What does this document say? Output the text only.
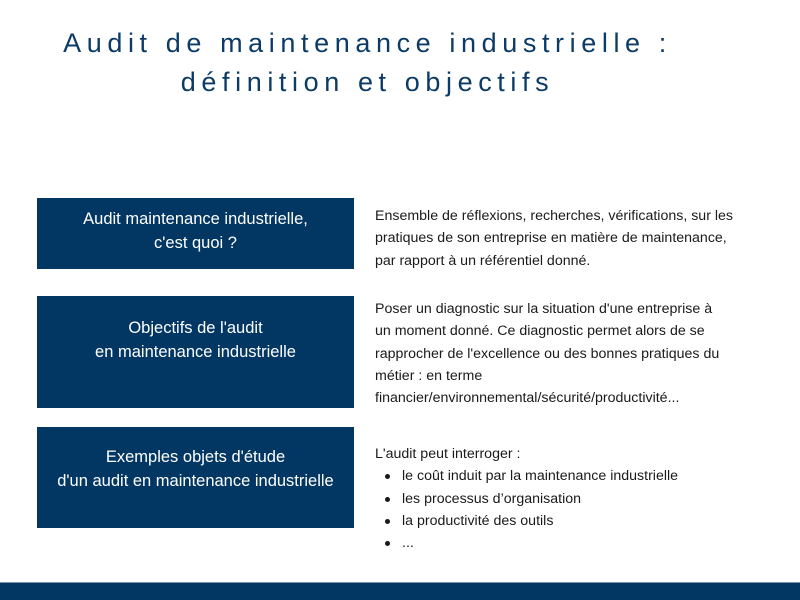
Audit de maintenance industrielle :
définition et objectifs
Audit maintenance industrielle,
c'est quoi ?
Ensemble de réflexions, recherches, vérifications, sur les
pratiques de son entreprise en matière de maintenance,
par rapport à un référentiel donné.
Objectifs de l'audit
en maintenance industrielle
Poser un diagnostic sur la situation d'une entreprise à
un moment donné. Ce diagnostic permet alors de se
rapprocher de l'excellence ou des bonnes pratiques du
métier : en terme
financier/environnemental/sécurité/productivité...
Exemples objets d'étude
d'un audit en maintenance industrielle
L'audit peut interroger :
le coût induit par la maintenance industrielle
les processus d’organisation
la productivité des outils
...
